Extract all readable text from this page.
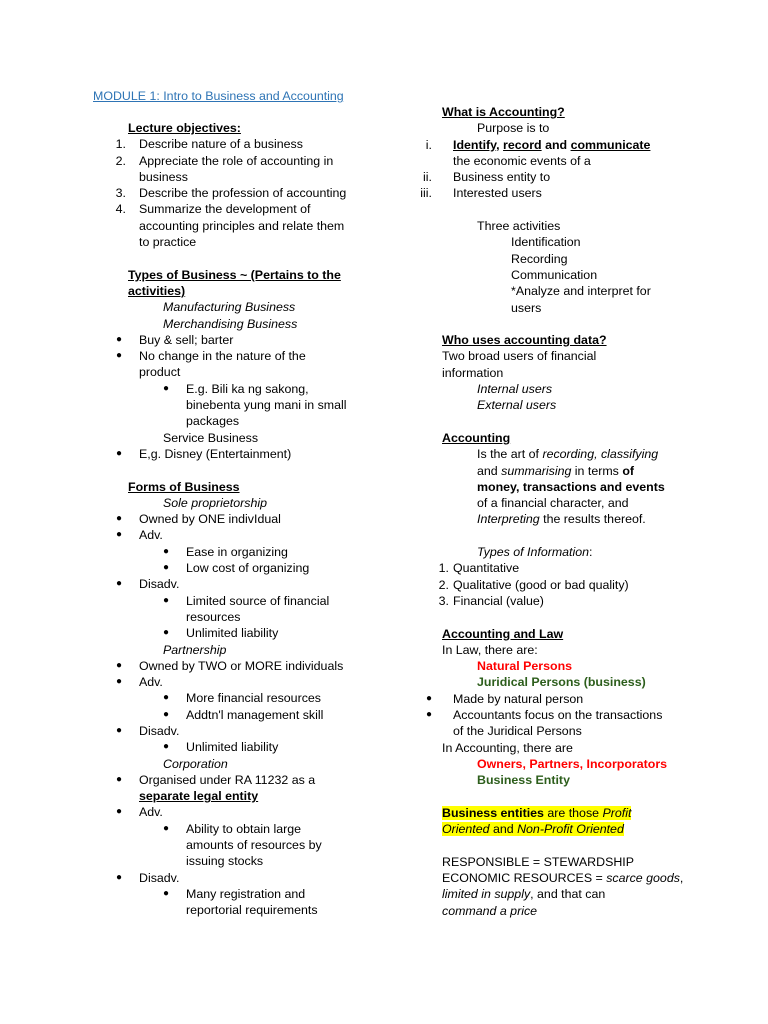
MODULE 1: Intro to Business and Accounting
Lecture objectives:
1. Describe nature of a business
2. Appreciate the role of accounting in
business
3. Describe the profession of accounting
4. Summarize the development of
accounting principles and relate them
to practice
Types of Business ~ (Pertains to the
activities)
Manufacturing Business
Merchandising Business
● Buy & sell; barter
● No change in the nature of the
product
● E.g. Bili ka ng sakong,
binebenta yung mani in small
packages
Service Business
● E,g. Disney (Entertainment)
Forms of Business
Sole proprietorship
● Owned by ONE indivIdual
● Adv.
● Ease in organizing
● Low cost of organizing
● Disadv.
● Limited source of financial
resources
● Unlimited liability
Partnership
● Owned by TWO or MORE individuals
● Adv.
● More financial resources
● Addtn'l management skill
● Disadv.
● Unlimited liability
Corporation
● Organised under RA 11232 as a
separate legal entity
● Adv.
● Ability to obtain large
amounts of resources by
issuing stocks
● Disadv.
● Many registration and
reportorial requirements
What is Accounting?
Purpose is to
i. Identify, record and communicate
the economic events of a
ii. Business entity to
iii. Interested users
Three activities
Identification
Recording
Communication
*Analyze and interpret for
users
Who uses accounting data?
Two broad users of financial
information
Internal users
External users
Accounting
Is the art of recording, classifying
and summarising in terms of
money, transactions and events
of a financial character, and
Interpreting the results thereof.
Types of Information:
1. Quantitative
2. Qualitative (good or bad quality)
3. Financial (value)
Accounting and Law
In Law, there are:
Natural Persons
Juridical Persons (business)
● Made by natural person
● Accountants focus on the transactions
of the Juridical Persons
In Accounting, there are
Owners, Partners, Incorporators
Business Entity
Business entities are those Profit
Oriented and Non-Profit Oriented
RESPONSIBLE = STEWARDSHIP
ECONOMIC RESOURCES = scarce goods,
limited in supply, and that can
command a price
